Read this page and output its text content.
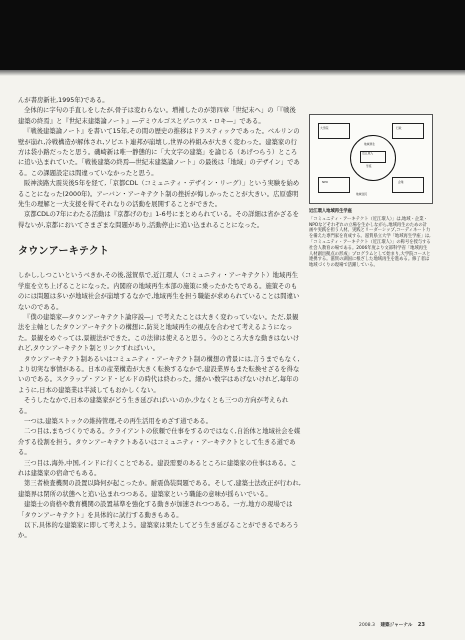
んが書房新社,1995年)である。

全体的に字句の手直しをしたが,骨子は変わらない。増補したのが第四章「世紀末へ」の「『戦後建築の終焉』と『世紀末建築論ノート』―デミウルゴスとゲニウス・ロキ―」である。

『戦後建築論ノート』を書いて15年,その間の歴史の推移はドラスティックであった。ベルリンの壁が崩れ,冷戦構造が解体され,ソビエト連邦が崩壊し,世界の枠組みが大きく変わった。建築家の行方は袋小路だったと思う。磯崎新は唯一静態的に「大文字の建築」を論じる（あげつらう）ところに追い込まれていた。「戦後建築の終焉―世紀末建築論ノート」の最後は「地域」のデザイン」である。この課題設定は間違っていなかったと思う。

阪神淡路大震災後5年を経て,「京都CDL（コミュニティ・デザイン・リーグ）」という実験を始めることになった(2000年)。アーバン・アーキテクト制の挫折が悔しかったことが大きい。広原盛明先生の理解と一大支援を得てそれなりの活動を展開することができた。

京都CDLの7年にわたる活動は『京都げのむ』1-6号にまとめられている。その詳細は省かざるを得ないが,京都においてさまざまな問題があり,活動停止に追い込まれることになった。

タウンアーキテクト

しかし,しつこいというべきか,その後,滋賀県で,近江環人（コミュニティ・アーキテクト）地域再生学座を立ち上げることになった。内閣府の地域再生本部の施策に乗ったかたちである。施策そのものには問題は多いが地域社会が崩壊するなかで,地域再生を担う職能が求められていることは間違いないのである。

『僕の建築家―タウンアーキテクト論序説―』で考えたことは大きく変わっていない。ただ,景観法を主軸としたタウンアーキテクトの構想に,防災と地域再生の視点を合わせて考えるようになった。景観をめぐっては,景観法ができた。この法律は使えると思う。今のところ大きな動きはないけれど,タウンアーキテクト制とリンクすればいい。

タウンアーキテクト制あるいはコミュニティ・アーキテクト制の構想の背景には,言うまでもなく,より切実な事情がある。日本の産業構造が大きく転換するなかで,建設業界もまた転換せざるを得ないのである。スクラップ・アンド・ビルドの時代は終わった。細かい数字はあげないけれど,毎年のように,日本の建築業は半減してもおかしくない。

そうしたなかで,日本の建築家がどう生き延びればいいのか,少なくとも三つの方向が考えられる。

一つは,建築ストックの維持管理,その再生活用をめざす道である。

二つ目は,まちづくりである。クライアントの依頼で仕事をするのではなく,自治体と地域社会を媒介する役割を担う。タウンアーキテクトあるいはコミュニティ・アーキテクトとして生きる道である。

三つ目は,海外,中国,インドに行くことである。建設需要のあるところに建築家の仕事はある。これは建築家の宿命でもある。

第三者検査機関の設置以降何が起こったか。耐震偽装問題である。そして,建築士法改正が行われ,建築界は閉所の状態へと追い込まれつつある。建築家という職能の意味が揺らいでいる。

建築士の資格や教育機関の設置基準を強化する動きが加速されつつある。一方,地方の現場では「タウンアーキテクト」を具体的に試行する動きもある。

以下,具体的な建築家に即して考えよう。建築家は果たしてどう生き延びることができるであろうか。

近江環人
地域再生
学座
大学院	行政
NPO	企業
地域住民
近江環人地域再生学座
「コミュニティ・アーキテクト（近江環人）」は,地域・企業・NPOなどそれぞれの立場を生かしながら,地域再生のための計画や実践を担う人材。実践とリーダーシップ,コーディネート力を備えた専門家を育成する。滋賀県立大学「地域再生学座」は,「コミュニティ・アーキテクト（近江環人）」の称号を授与する社会人教育の場である。2006年度より文部科学省「地域再生人材創出拠点の形成」プログラムとして始まり,大学院コースと連携する。滋賀の湖国に根ざした地域再生を進める。修了者は地域づくりの現場で活躍している。
2008.3 建築ジャーナル 23
